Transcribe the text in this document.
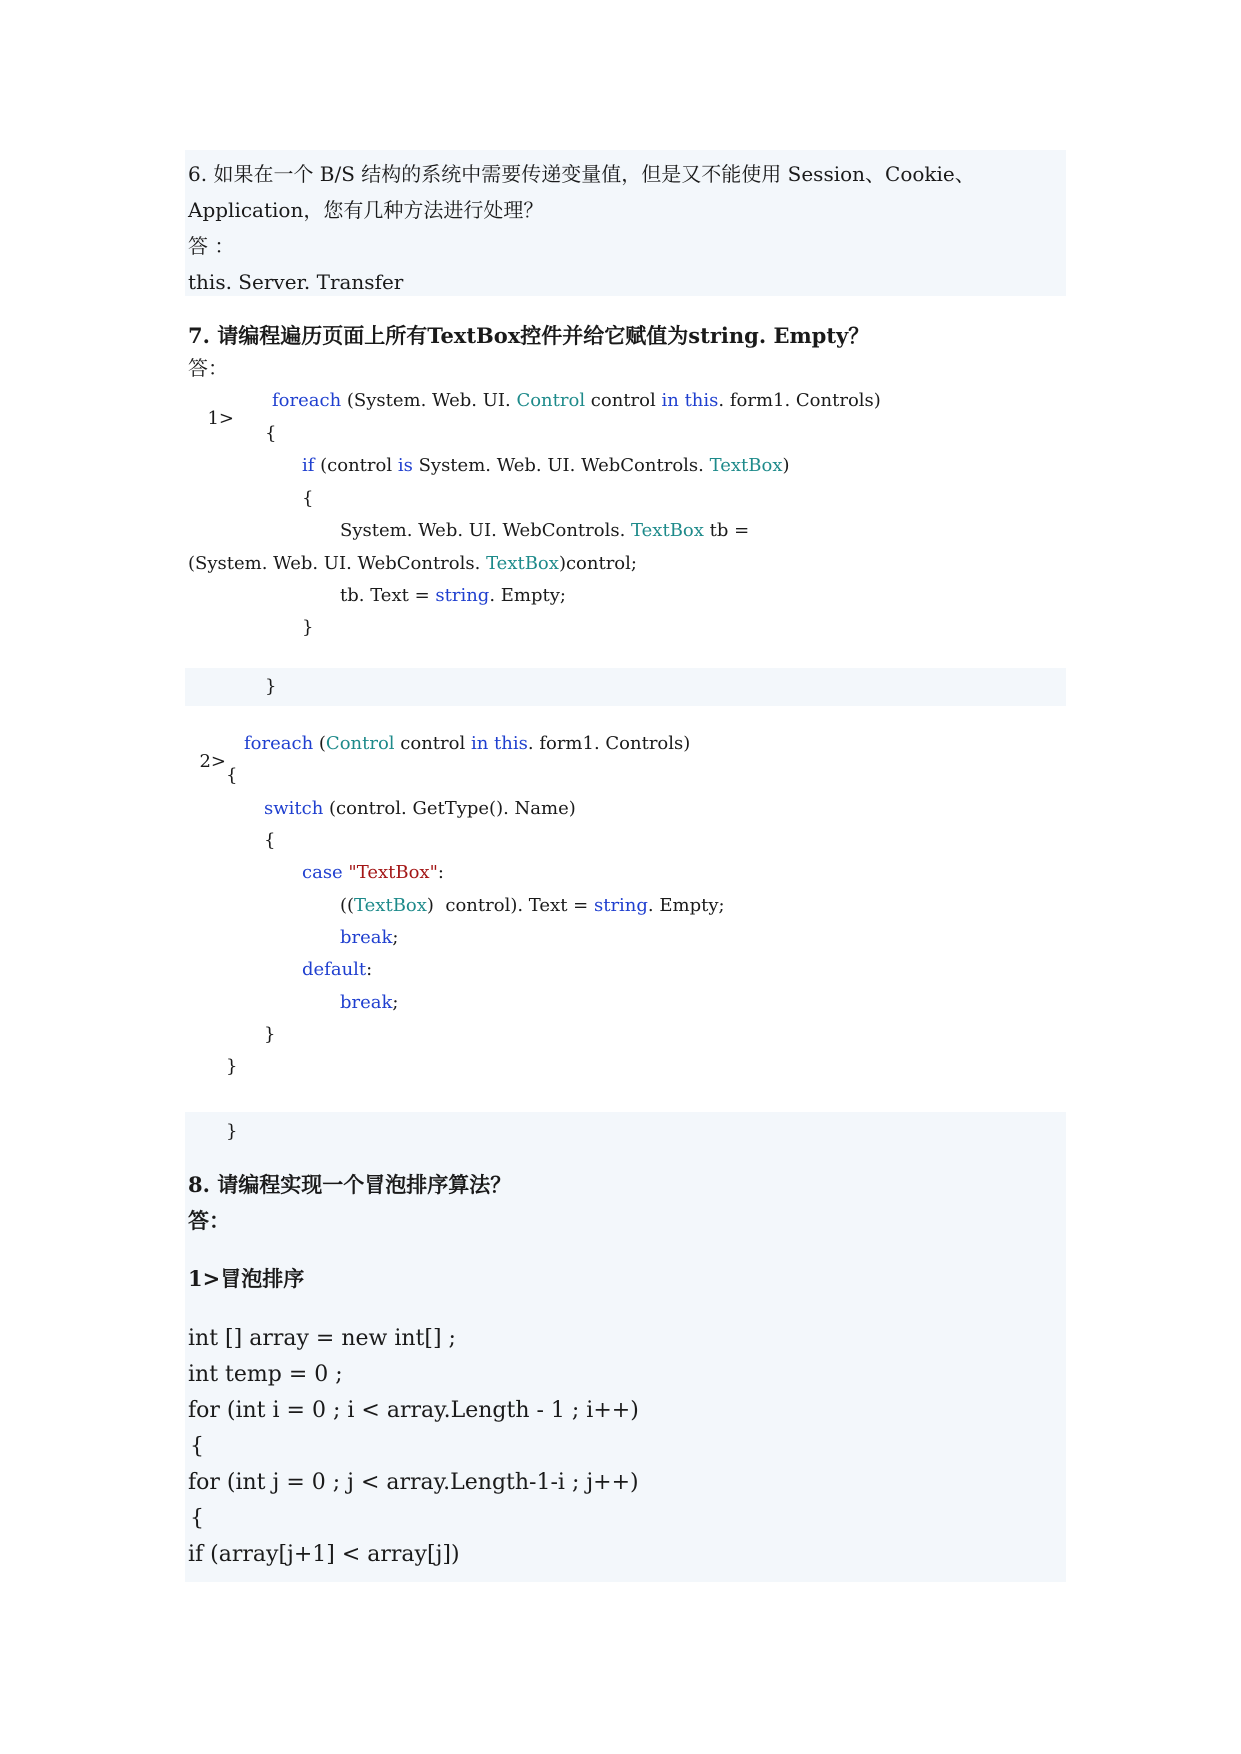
6. 如果在一个 B/S 结构的系统中需要传递变量值，但是又不能使用 Session、Cookie、
Application，您有几种方法进行处理？
答 ：
this. Server. Transfer
7. 请编程遍历页面上所有TextBox控件并给它赋值为string. Empty？
答：

1>

foreach (System. Web. UI. Control control in this. form1. Controls)
{
if (control is System. Web. UI. WebControls. TextBox)
{
System. Web. UI. WebControls. TextBox tb =
(System. Web. UI. WebControls. TextBox)control;
tb. Text = string. Empty;
}
}

2>

foreach (Control control in this. form1. Controls)
{
switch (control. GetType(). Name)
{
case "TextBox":
((TextBox)  control). Text = string. Empty;
break;
default:
break;
}
}
}
8. 请编程实现一个冒泡排序算法？
答：
1>冒泡排序
int [] array = new int[] ;
int temp = 0 ;
for (int i = 0 ; i < array.Length - 1 ; i++)
{
for (int j = 0 ; j < array.Length-1-i ; j++)
{
if (array[j+1] < array[j])
